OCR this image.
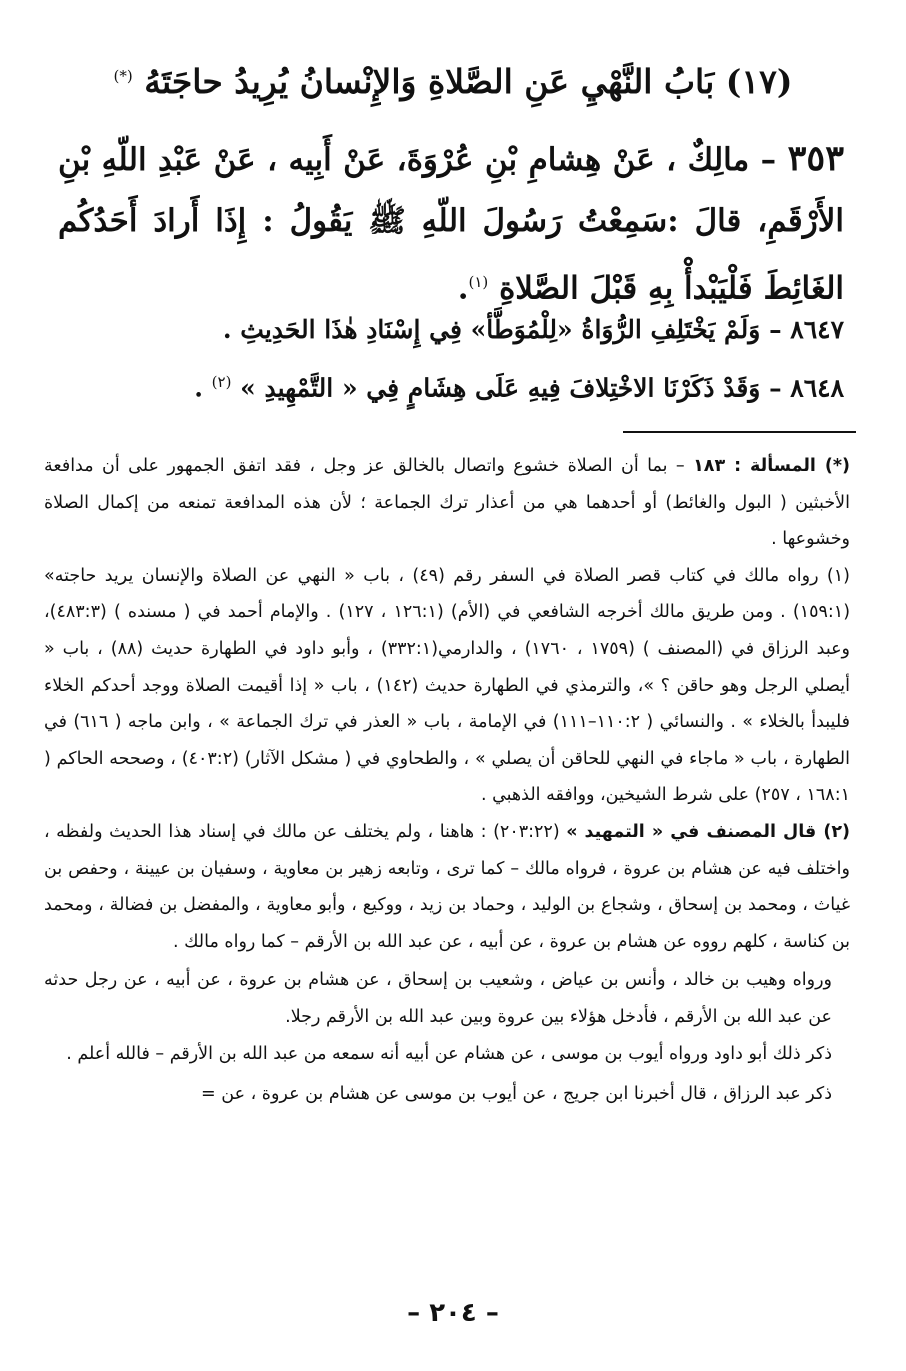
(١٧) بَابُ النَّهْيِ عَنِ الصَّلاةِ وَالإِنْسانُ يُرِيدُ حاجَتَهُ (*)
٣٥٣ – مالِكٌ ، عَنْ هِشامِ بْنِ عُرْوَةَ، عَنْ أَبِيه ، عَنْ عَبْدِ اللّهِ بْنِ الأَرْقَمِ، قالَ :سَمِعْتُ رَسُولَ اللّهِ ﷺ يَقُولُ : إِذَا أَرادَ أَحَدُكُم الغَائِطَ فَلْيَبْدأْ بِهِ قَبْلَ الصَّلاةِ $^{(١)}$.
٨٦٤٧ – وَلَمْ يَخْتَلِفِ الرُّوَاةُ «لِلْمُوَطَّأ» فِي إِسْنَادِ هٰذَا الحَدِيثِ .
٨٦٤٨ – وَقَدْ ذَكَرْنَا الاخْتِلافَ فِيهِ عَلَى هِشَامٍ فِي « التَّمْهِيدِ » $^{(٢)}$ .

(*) المسألة : ١٨٣ – بما أن الصلاة خشوع واتصال بالخالق عز وجل ، فقد اتفق الجمهور على أن مدافعة الأخبثين ( البول والغائط) أو أحدهما هي من أعذار ترك الجماعة ؛ لأن هذه المدافعة تمنعه من إكمال الصلاة وخشوعها .

(١) رواه مالك في كتاب قصر الصلاة في السفر رقم (٤٩) ، باب « النهي عن الصلاة والإنسان يريد حاجته» (١٥٩:١) . ومن طريق مالك أخرجه الشافعي في (الأم) (١٢٦:١ ، ١٢٧) . والإمام أحمد في ( مسنده ) (٤٨٣:٣)، وعبد الرزاق في (المصنف ) (١٧٥٩ ، ١٧٦٠) ، والدارمي(٣٣٢:١) ، وأبو داود في الطهارة حديث (٨٨) ، باب « أيصلي الرجل وهو حاقن ؟ »، والترمذي في الطهارة حديث (١٤٢) ، باب « إذا أقيمت الصلاة ووجد أحدكم الخلاء فليبدأ بالخلاء » . والنسائي ( ١١٠:٢–١١١) في الإمامة ، باب « العذر في ترك الجماعة » ، وابن ماجه ( ٦١٦) في الطهارة ، باب « ماجاء في النهي للحاقن أن يصلي » ، والطحاوي في ( مشكل الآثار) (٤٠٣:٢) ، وصححه الحاكم ( ١٦٨:١ ، ٢٥٧) على شرط الشيخين، ووافقه الذهبي .

(٢) قال المصنف في « التمهيد » (٢٠٣:٢٢) : هاهنا ، ولم يختلف عن مالك في إسناد هذا الحديث ولفظه ، واختلف فيه عن هشام بن عروة ، فرواه مالك – كما ترى ، وتابعه زهير بن معاوية ، وسفيان بن عيينة ، وحفص بن غياث ، ومحمد بن إسحاق ، وشجاع بن الوليد ، وحماد بن زيد ، ووكيع ، وأبو معاوية ، والمفضل بن فضالة ، ومحمد بن كناسة ، كلهم رووه عن هشام بن عروة ، عن أبيه ، عن عبد الله بن الأرقم – كما رواه مالك .

ورواه وهيب بن خالد ، وأنس بن عياض ، وشعيب بن إسحاق ، عن هشام بن عروة ، عن أبيه ، عن رجل حدثه عن عبد الله بن الأرقم ، فأدخل هؤلاء بين عروة وبين عبد الله بن الأرقم رجلا.

ذكر ذلك أبو داود ورواه أيوب بن موسى ، عن هشام عن أبيه أنه سمعه من عبد الله بن الأرقم – فالله أعلم .

ذكر عبد الرزاق ، قال أخبرنا ابن جريج ، عن أيوب بن موسى عن هشام بن عروة ، عن =

– ٢٠٤ –
